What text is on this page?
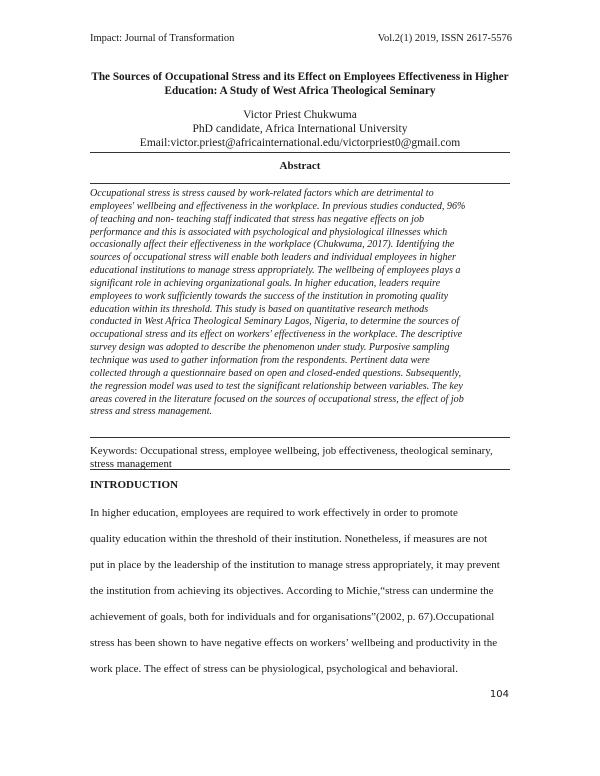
Impact: Journal of Transformation	Vol.2(1) 2019, ISSN 2617-5576
The Sources of Occupational Stress and its Effect on Employees Effectiveness in Higher Education: A Study of West Africa Theological Seminary
Victor Priest Chukwuma
PhD candidate, Africa International University
Email:victor.priest@africainternational.edu/victorpriest0@gmail.com
Abstract
Occupational stress is stress caused by work-related factors which are detrimental to
employees' wellbeing and effectiveness in the workplace. In previous studies conducted, 96%
of teaching and non- teaching staff indicated that stress has negative effects on job
performance and this is associated with psychological and physiological illnesses which
occasionally affect their effectiveness in the workplace (Chukwuma, 2017). Identifying the
sources of occupational stress will enable both leaders and individual employees in higher
educational institutions to manage stress appropriately. The wellbeing of employees plays a
significant role in achieving organizational goals. In higher education, leaders require
employees to work sufficiently towards the success of the institution in promoting quality
education within its threshold. This study is based on quantitative research methods
conducted in West Africa Theological Seminary Lagos, Nigeria, to determine the sources of
occupational stress and its effect on workers' effectiveness in the workplace. The descriptive
survey design was adopted to describe the phenomenon under study. Purposive sampling
technique was used to gather information from the respondents. Pertinent data were
collected through a questionnaire based on open and closed-ended questions. Subsequently,
the regression model was used to test the significant relationship between variables. The key
areas covered in the literature focused on the sources of occupational stress, the effect of job
stress and stress management.
Keywords: Occupational stress, employee wellbeing, job effectiveness, theological seminary, stress management
INTRODUCTION
In higher education, employees are required to work effectively in order to promote
quality education within the threshold of their institution. Nonetheless, if measures are not
put in place by the leadership of the institution to manage stress appropriately, it may prevent
the institution from achieving its objectives. According to Michie,“stress can undermine the
achievement of goals, both for individuals and for organisations”(2002, p. 67).Occupational
stress has been shown to have negative effects on workers’ wellbeing and productivity in the
work place. The effect of stress can be physiological, psychological and behavioral.
104
